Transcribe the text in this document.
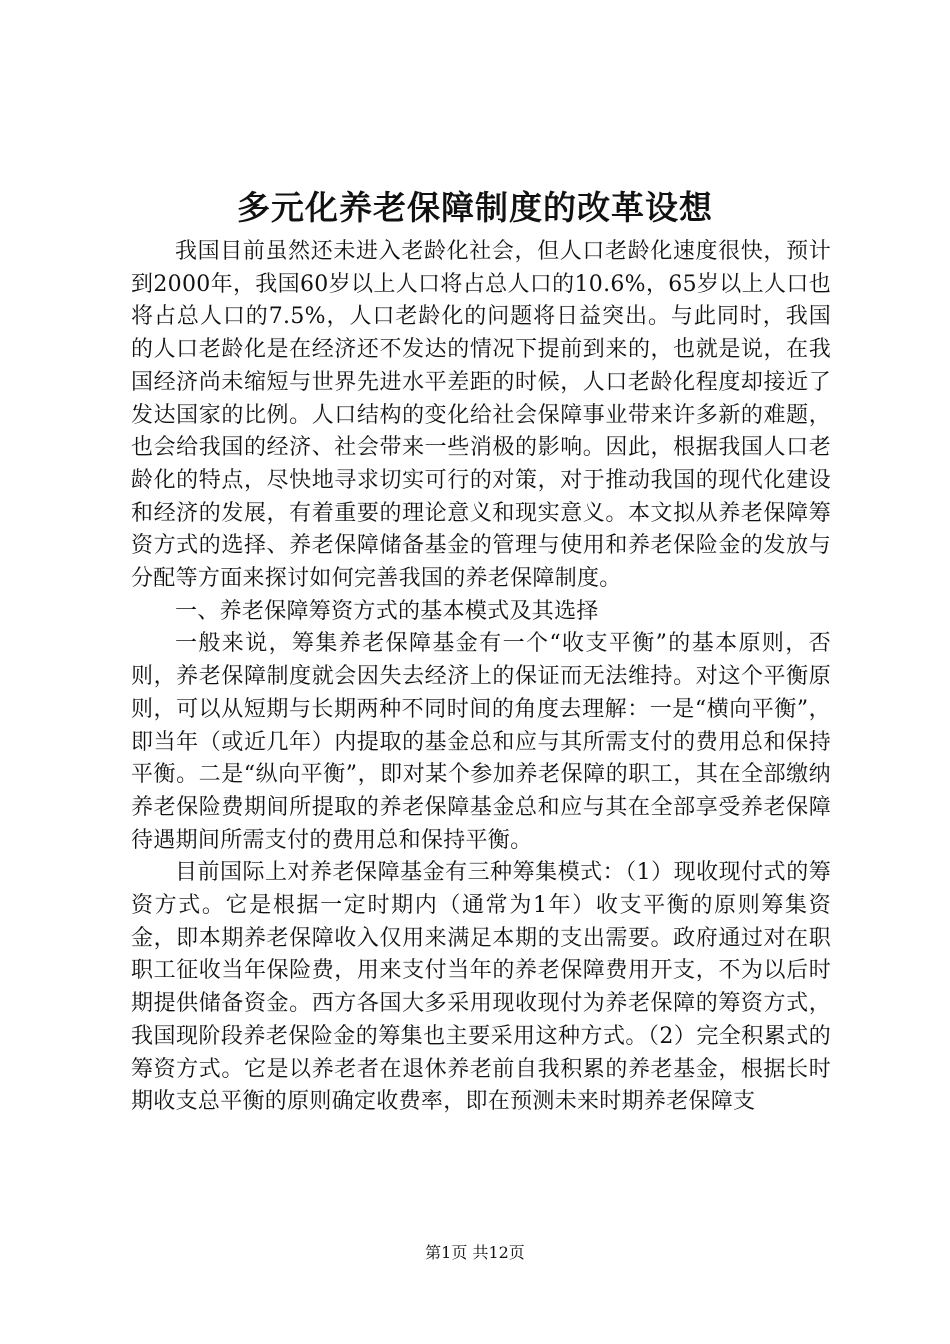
多元化养老保障制度的改革设想

我国目前虽然还未进入老龄化社会，但人口老龄化速度很快，预计到2000年，我国60岁以上人口将占总人口的10.6%，65岁以上人口也将占总人口的7.5%，人口老龄化的问题将日益突出。与此同时，我国的人口老龄化是在经济还不发达的情况下提前到来的，也就是说，在我国经济尚未缩短与世界先进水平差距的时候，人口老龄化程度却接近了发达国家的比例。人口结构的变化给社会保障事业带来许多新的难题，也会给我国的经济、社会带来一些消极的影响。因此，根据我国人口老龄化的特点，尽快地寻求切实可行的对策，对于推动我国的现代化建设和经济的发展，有着重要的理论意义和现实意义。本文拟从养老保障筹资方式的选择、养老保障储备基金的管理与使用和养老保险金的发放与分配等方面来探讨如何完善我国的养老保障制度。

一、养老保障筹资方式的基本模式及其选择

一般来说，筹集养老保障基金有一个“收支平衡”的基本原则，否则，养老保障制度就会因失去经济上的保证而无法维持。对这个平衡原则，可以从短期与长期两种不同时间的角度去理解：一是“横向平衡”，即当年（或近几年）内提取的基金总和应与其所需支付的费用总和保持平衡。二是“纵向平衡”，即对某个参加养老保障的职工，其在全部缴纳养老保险费期间所提取的养老保障基金总和应与其在全部享受养老保障待遇期间所需支付的费用总和保持平衡。

目前国际上对养老保障基金有三种筹集模式：（1）现收现付式的筹资方式。它是根据一定时期内（通常为1年）收支平衡的原则筹集资金，即本期养老保障收入仅用来满足本期的支出需要。政府通过对在职职工征收当年保险费，用来支付当年的养老保障费用开支，不为以后时期提供储备资金。西方各国大多采用现收现付为养老保障的筹资方式，我国现阶段养老保险金的筹集也主要采用这种方式。（2）完全积累式的筹资方式。它是以养老者在退休养老前自我积累的养老基金，根据长时期收支总平衡的原则确定收费率，即在预测未来时期养老保障支

第1页 共12页
